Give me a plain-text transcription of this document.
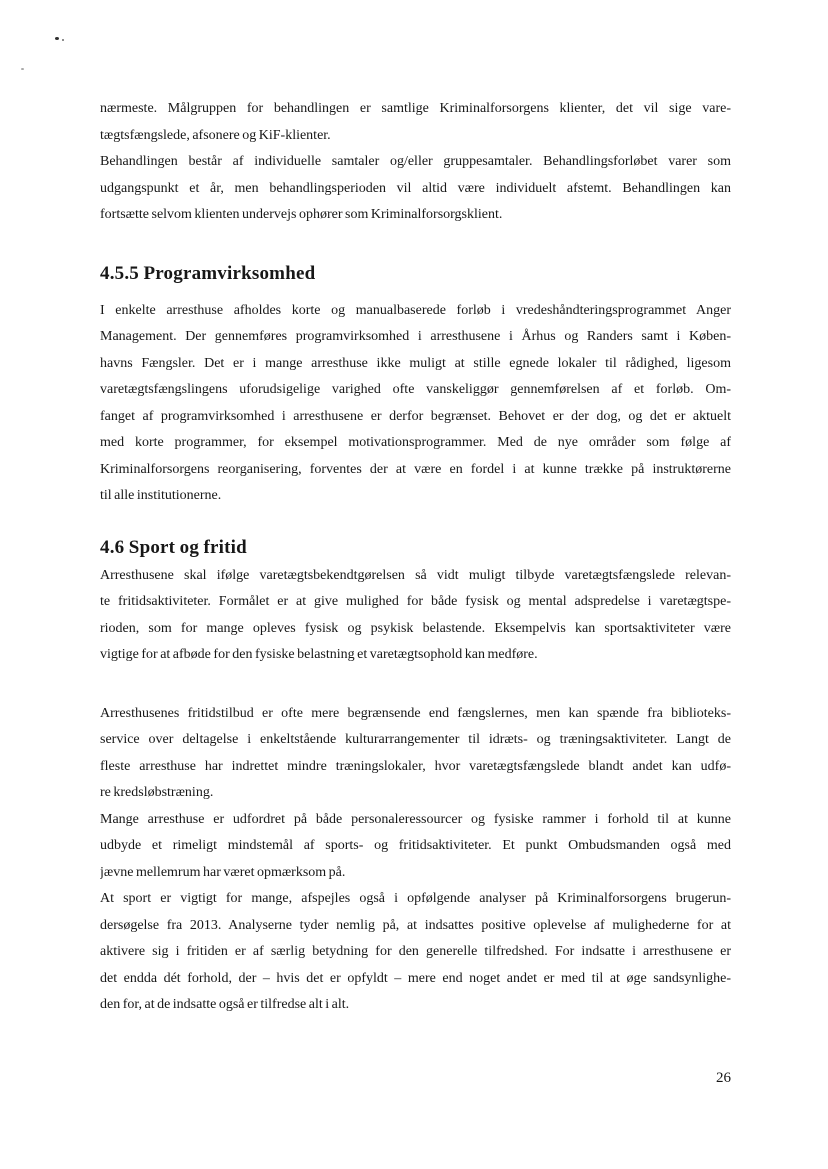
nærmeste. Målgruppen for behandlingen er samtlige Kriminalforsorgens klienter, det vil sige vare-
tægtsfængslede, afsonere og KiF-klienter.
Behandlingen består af individuelle samtaler og/eller gruppesamtaler. Behandlingsforløbet varer som
udgangspunkt et år, men behandlingsperioden vil altid være individuelt afstemt. Behandlingen kan
fortsætte selvom klienten undervejs ophører som Kriminalforsorgsklient.
4.5.5 Programvirksomhed
I enkelte arresthuse afholdes korte og manualbaserede forløb i vredeshåndteringsprogrammet Anger
Management. Der gennemføres programvirksomhed i arresthusene i Århus og Randers samt i Køben-
havns Fængsler. Det er i mange arresthuse ikke muligt at stille egnede lokaler til rådighed, ligesom
varetægtsfængslingens uforudsigelige varighed ofte vanskeliggør gennemførelsen af et forløb. Om-
fanget af programvirksomhed i arresthusene er derfor begrænset. Behovet er der dog, og det er aktuelt
med korte programmer, for eksempel motivationsprogrammer. Med de nye områder som følge af
Kriminalforsorgens reorganisering, forventes der at være en fordel i at kunne trække på instruktørerne
til alle institutionerne.
4.6 Sport og fritid
Arresthusene skal ifølge varetægtsbekendtgørelsen så vidt muligt tilbyde varetægtsfængslede relevan-
te fritidsaktiviteter. Formålet er at give mulighed for både fysisk og mental adspredelse i varetægtspe-
rioden, som for mange opleves fysisk og psykisk belastende. Eksempelvis kan sportsaktiviteter være
vigtige for at afbøde for den fysiske belastning et varetægtsophold kan medføre.
Arresthusenes fritidstilbud er ofte mere begrænsende end fængslernes, men kan spænde fra biblioteks-
service over deltagelse i enkeltstående kulturarrangementer til idræts- og træningsaktiviteter. Langt de
fleste arresthuse har indrettet mindre træningslokaler, hvor varetægtsfængslede blandt andet kan udfø-
re kredsløbstræning.
Mange arresthuse er udfordret på både personaleressourcer og fysiske rammer i forhold til at kunne
udbyde et rimeligt mindstemål af sports- og fritidsaktiviteter. Et punkt Ombudsmanden også med
jævne mellemrum har været opmærksom på.
At sport er vigtigt for mange, afspejles også i opfølgende analyser på Kriminalforsorgens brugerun-
dersøgelse fra 2013. Analyserne tyder nemlig på, at indsattes positive oplevelse af mulighederne for at
aktivere sig i fritiden er af særlig betydning for den generelle tilfredshed. For indsatte i arresthusene er
det endda dét forhold, der – hvis det er opfyldt – mere end noget andet er med til at øge sandsynlighe-
den for, at de indsatte også er tilfredse alt i alt.
26
